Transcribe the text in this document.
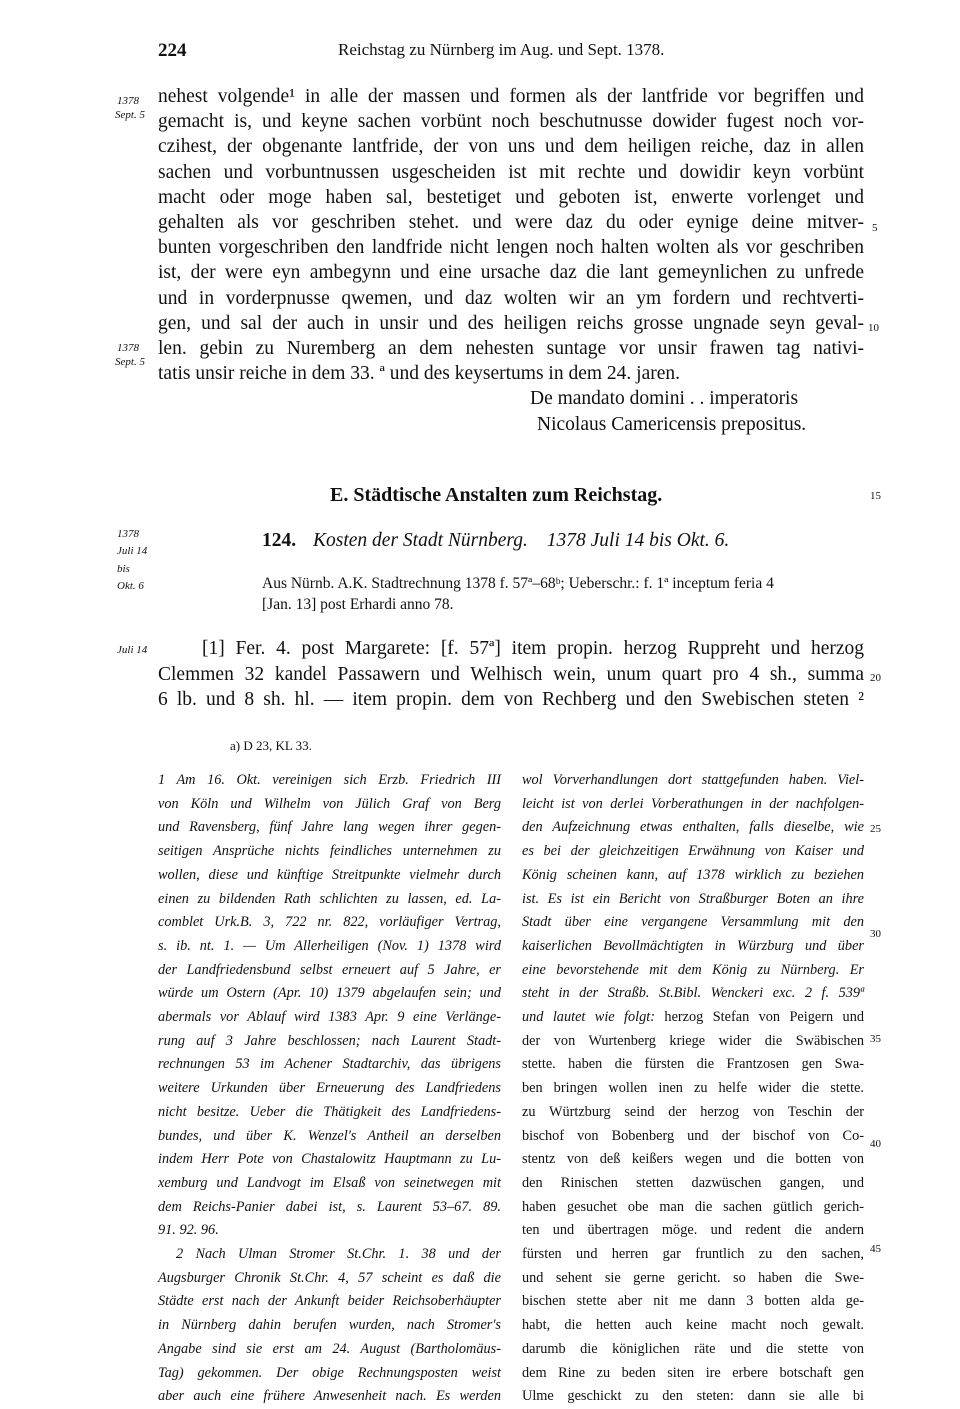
224	Reichstag zu Nürnberg im Aug. und Sept. 1378.
1378
Sept. 5
1378
Sept. 5
1378
Juli 14
bis
Okt. 6
Juli 14
5
10
15
20
25
30
35
40
45
nehest volgende¹ in alle der massen und formen als der lantfride vor begriffen und
gemacht is, und keyne sachen vorbünt noch beschutnusse dowider fugest noch vor-
czihest, der obgenante lantfride, der von uns und dem heiligen reiche, daz in allen
sachen und vorbuntnussen usgescheiden ist mit rechte und dowidir keyn vorbünt
macht oder moge haben sal, bestetiget und geboten ist, enwerte vorlenget und
gehalten als vor geschriben stehet. und were daz du oder eynige deine mitver-
bunten vorgeschriben den landfride nicht lengen noch halten wolten als vor geschriben
ist, der were eyn ambegynn und eine ursache daz die lant gemeynlichen zu unfrede
und in vorderpnusse qwemen, und daz wolten wir an ym fordern und rechtverti-
gen, und sal der auch in unsir und des heiligen reichs grosse ungnade seyn geval-
len. gebin zu Nuremberg an dem nehesten suntage vor unsir frawen tag nativi-
tatis unsir reiche in dem 33. ª und des keysertums in dem 24. jaren.
De mandato domini . . imperatoris
Nicolaus Camericensis prepositus.
E. Städtische Anstalten zum Reichstag.
124. Kosten der Stadt Nürnberg. 1378 Juli 14 bis Okt. 6.
Aus Nürnb. A.K. Stadtrechnung 1378 f. 57ª–68ᵇ; Ueberschr.: f. 1ª inceptum feria 4
[Jan. 13] post Erhardi anno 78.
[1] Fer. 4. post Margarete: [f. 57ª] item propin. herzog Ruppreht und herzog
Clemmen 32 kandel Passawern und Welhisch wein, unum quart pro 4 sh., summa
6 lb. und 8 sh. hl. — item propin. dem von Rechberg und den Swebischen steten ²
a) D 23, KL 33.
1 Am 16. Okt. vereinigen sich Erzb. Friedrich III
von Köln und Wilhelm von Jülich Graf von Berg
und Ravensberg, fünf Jahre lang wegen ihrer gegen-
seitigen Ansprüche nichts feindliches unternehmen zu
wollen, diese und künftige Streitpunkte vielmehr durch
einen zu bildenden Rath schlichten zu lassen, ed. La-
comblet Urk.B. 3, 722 nr. 822, vorläufiger Vertrag,
s. ib. nt. 1. — Um Allerheiligen (Nov. 1) 1378 wird
der Landfriedensbund selbst erneuert auf 5 Jahre, er
würde um Ostern (Apr. 10) 1379 abgelaufen sein; und
abermals vor Ablauf wird 1383 Apr. 9 eine Verlänge-
rung auf 3 Jahre beschlossen; nach Laurent Stadt-
rechnungen 53 im Achener Stadtarchiv, das übrigens
weitere Urkunden über Erneuerung des Landfriedens
nicht besitze. Ueber die Thätigkeit des Landfriedens-
bundes, und über K. Wenzel's Antheil an derselben
indem Herr Pote von Chastalowitz Hauptmann zu Lu-
xemburg und Landvogt im Elsaß von seinetwegen mit
dem Reichs-Panier dabei ist, s. Laurent 53–67. 89.
91. 92. 96.
2 Nach Ulman Stromer St.Chr. 1. 38 und der
Augsburger Chronik St.Chr. 4, 57 scheint es daß die
Städte erst nach der Ankunft beider Reichsoberhäupter
in Nürnberg dahin berufen wurden, nach Stromer's
Angabe sind sie erst am 24. August (Bartholomäus-
Tag) gekommen. Der obige Rechnungsposten weist
aber auch eine frühere Anwesenheit nach. Es werden
wol Vorverhandlungen dort stattgefunden haben. Viel-
leicht ist von derlei Vorberathungen in der nachfolgen-
den Aufzeichnung etwas enthalten, falls dieselbe, wie
es bei der gleichzeitigen Erwähnung von Kaiser und
König scheinen kann, auf 1378 wirklich zu beziehen
ist. Es ist ein Bericht von Straßburger Boten an ihre
Stadt über eine vergangene Versammlung mit den
kaiserlichen Bevollmächtigten in Würzburg und über
eine bevorstehende mit dem König zu Nürnberg. Er
steht in der Straßb. St.Bibl. Wenckeri exc. 2 f. 539ª
und lautet wie folgt: herzog Stefan von Peigern und
der von Wurtenberg kriege wider die Swäbischen
stette. haben die fürsten die Frantzosen gen Swa-
ben bringen wollen inen zu helfe wider die stette.
zu Würtzburg seind der herzog von Teschin der
bischof von Bobenberg und der bischof von Co-
stentz von deß keißers wegen und die botten von
den Rinischen stetten dazwüschen gangen, und
haben gesuchet obe man die sachen gütlich gerich-
ten und übertragen möge. und redent die andern
fürsten und herren gar fruntlich zu den sachen,
und sehent sie gerne gericht. so haben die Swe-
bischen stette aber nit me dann 3 botten alda ge-
habt, die hetten auch keine macht noch gewalt.
darumb die königlichen räte und die stette von
dem Rine zu beden siten ire erbere botschaft gen
Ulme geschickt zu den steten: dann sie alle bi
